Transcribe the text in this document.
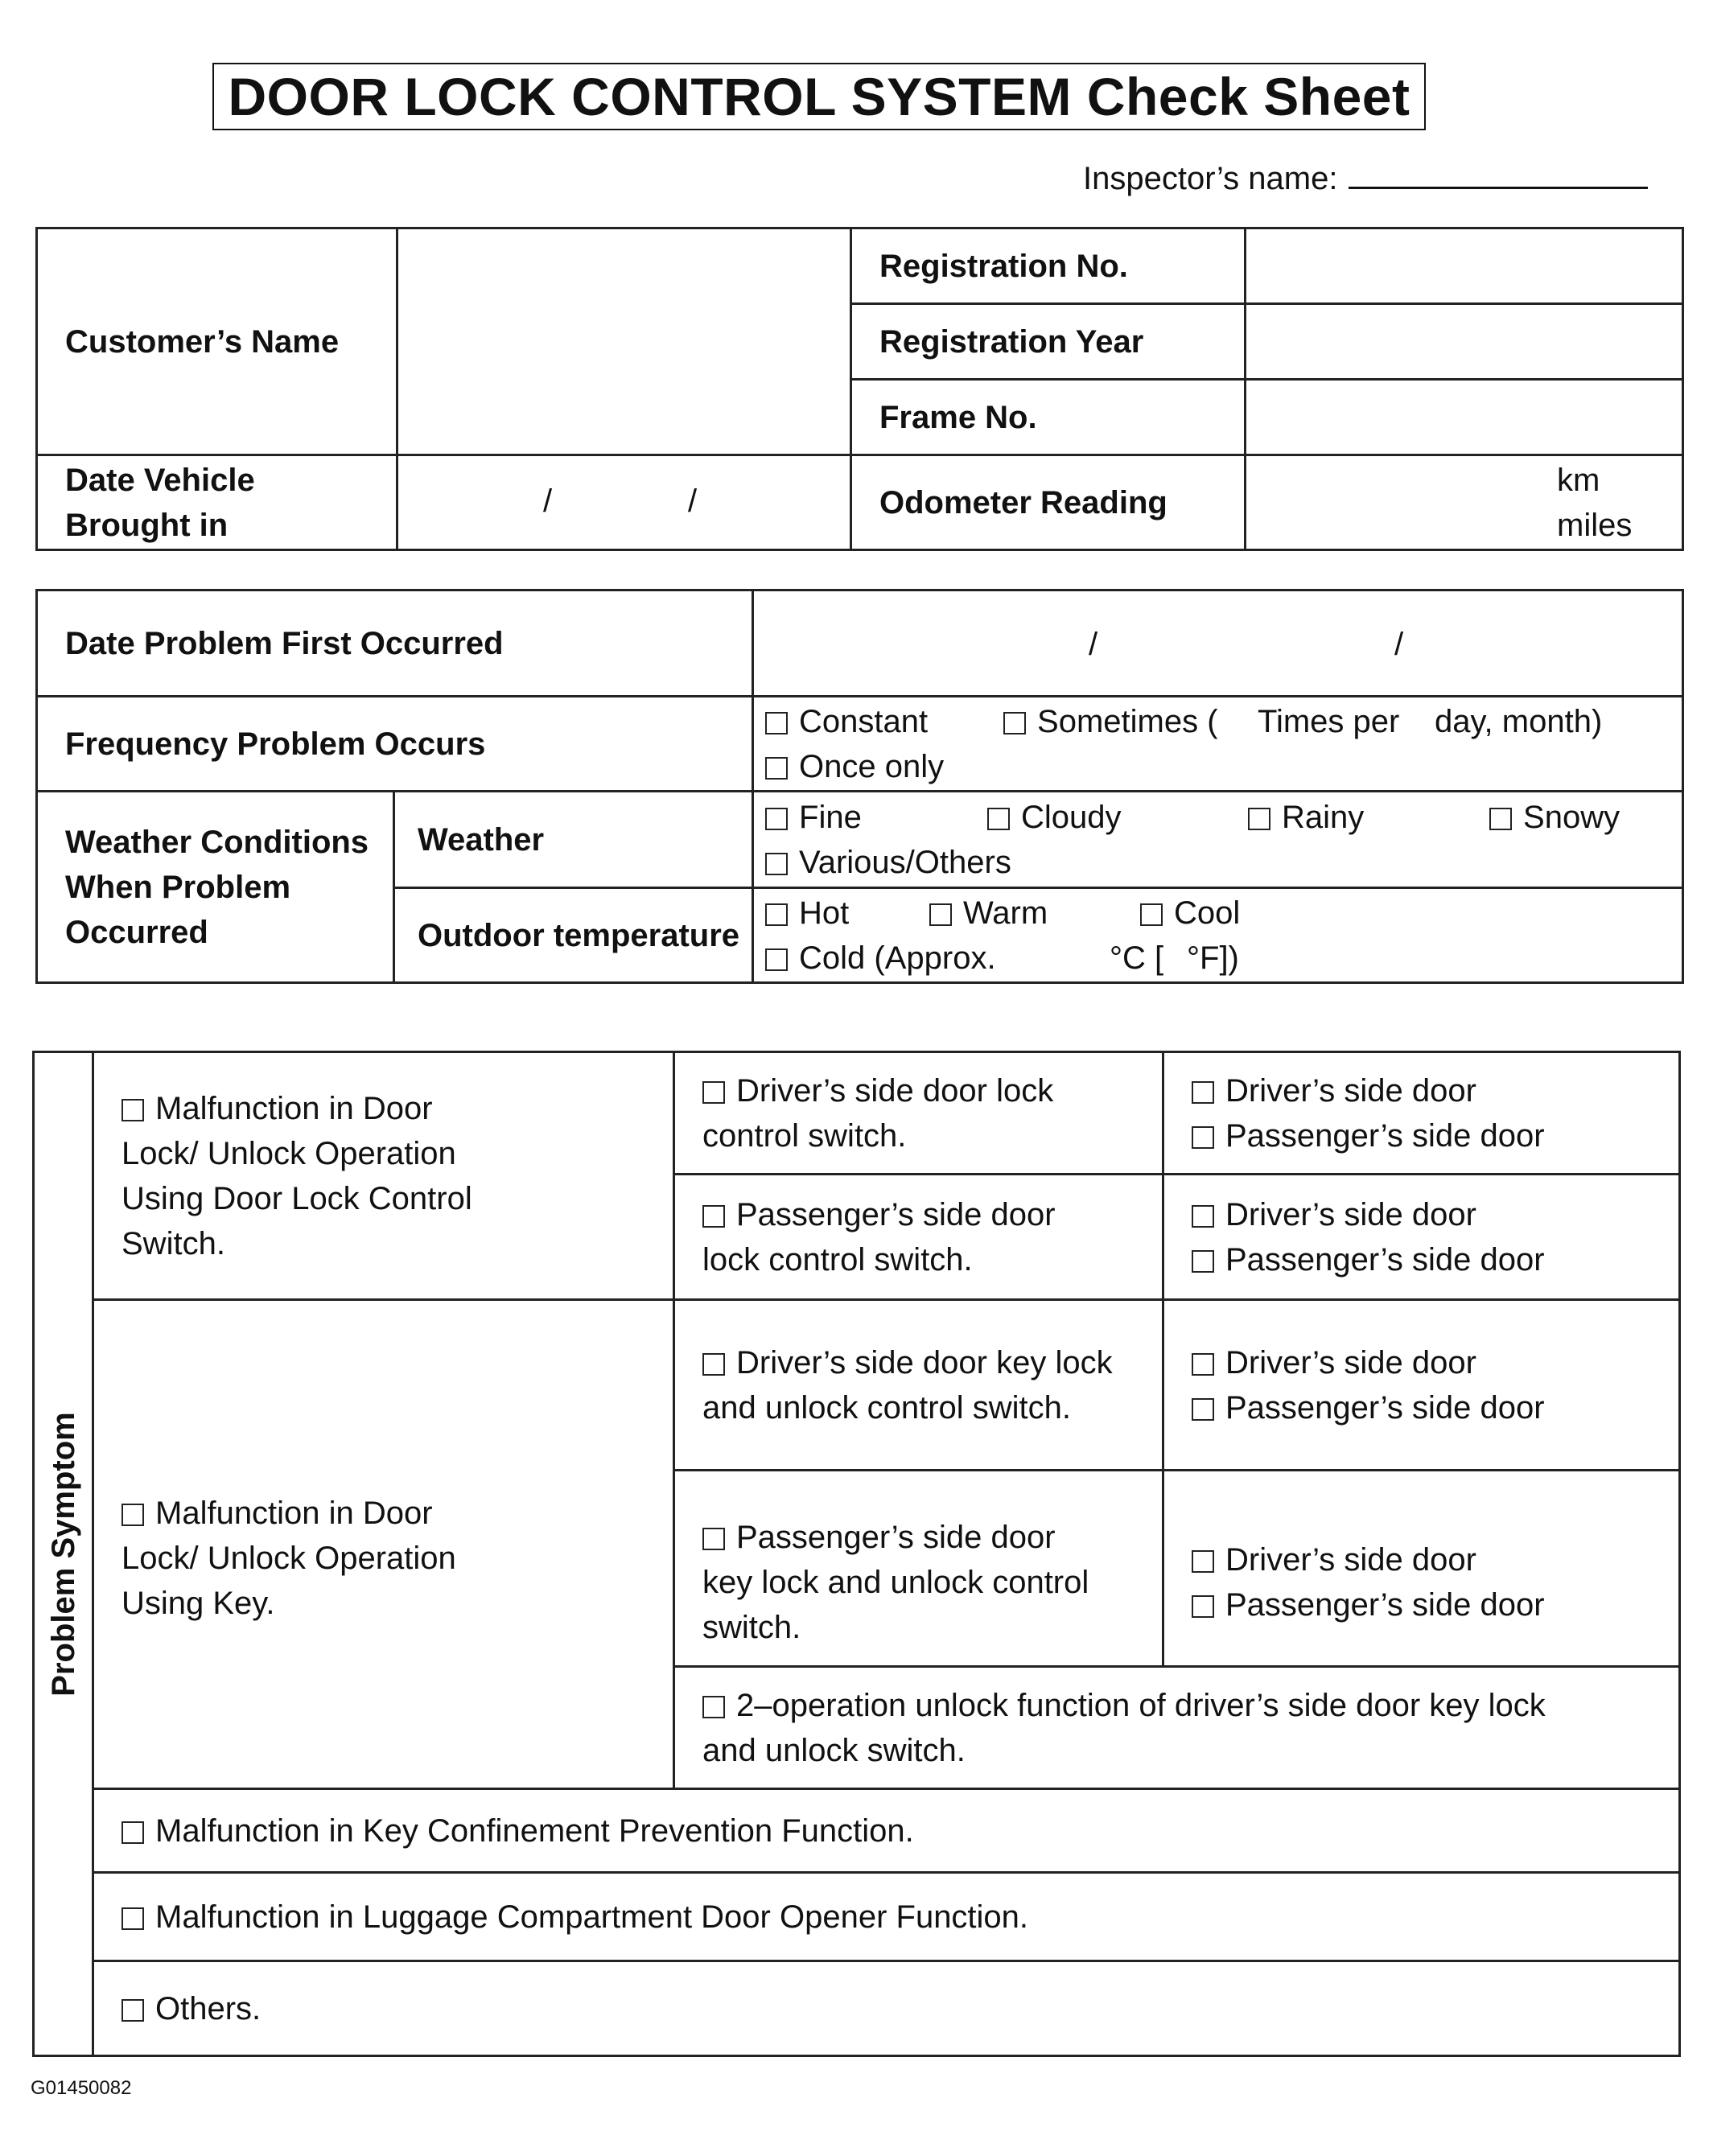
DOOR LOCK CONTROL SYSTEM Check Sheet
Inspector’s name:
Customer’s Name		Registration No.	
		Registration Year	
		Frame No.	
Date Vehicle Brought in	/ /	Odometer Reading	km
miles
Date Problem First Occurred		/ /

Frequency Problem Occurs		Constant Sometimes ( Times per day, month)
Once only

Weather Conditions When Problem Occurred	Weather	Fine Cloudy Rainy Snowy
Various/Others

	Outdoor temperature	Hot Warm Cool
Cold (Approx. °C [ °F])
Problem Symptom	Malfunction in Door Lock/ Unlock Operation Using Door Lock Control Switch.	Driver’s side door lock control switch.	Driver’s side door
Passenger’s side door

		Passenger’s side door lock control switch.	Driver’s side door
Passenger’s side door

	Malfunction in Door Lock/ Unlock Operation Using Key.	Driver’s side door key lock and unlock control switch.	Driver’s side door
Passenger’s side door

		Passenger’s side door key lock and unlock control switch.	Driver’s side door
Passenger’s side door

		2–operation unlock function of driver’s side door key lock and unlock switch.	
	Malfunction in Key Confinement Prevention Function.		
	Malfunction in Luggage Compartment Door Opener Function.		
	Others.		
G01450082
